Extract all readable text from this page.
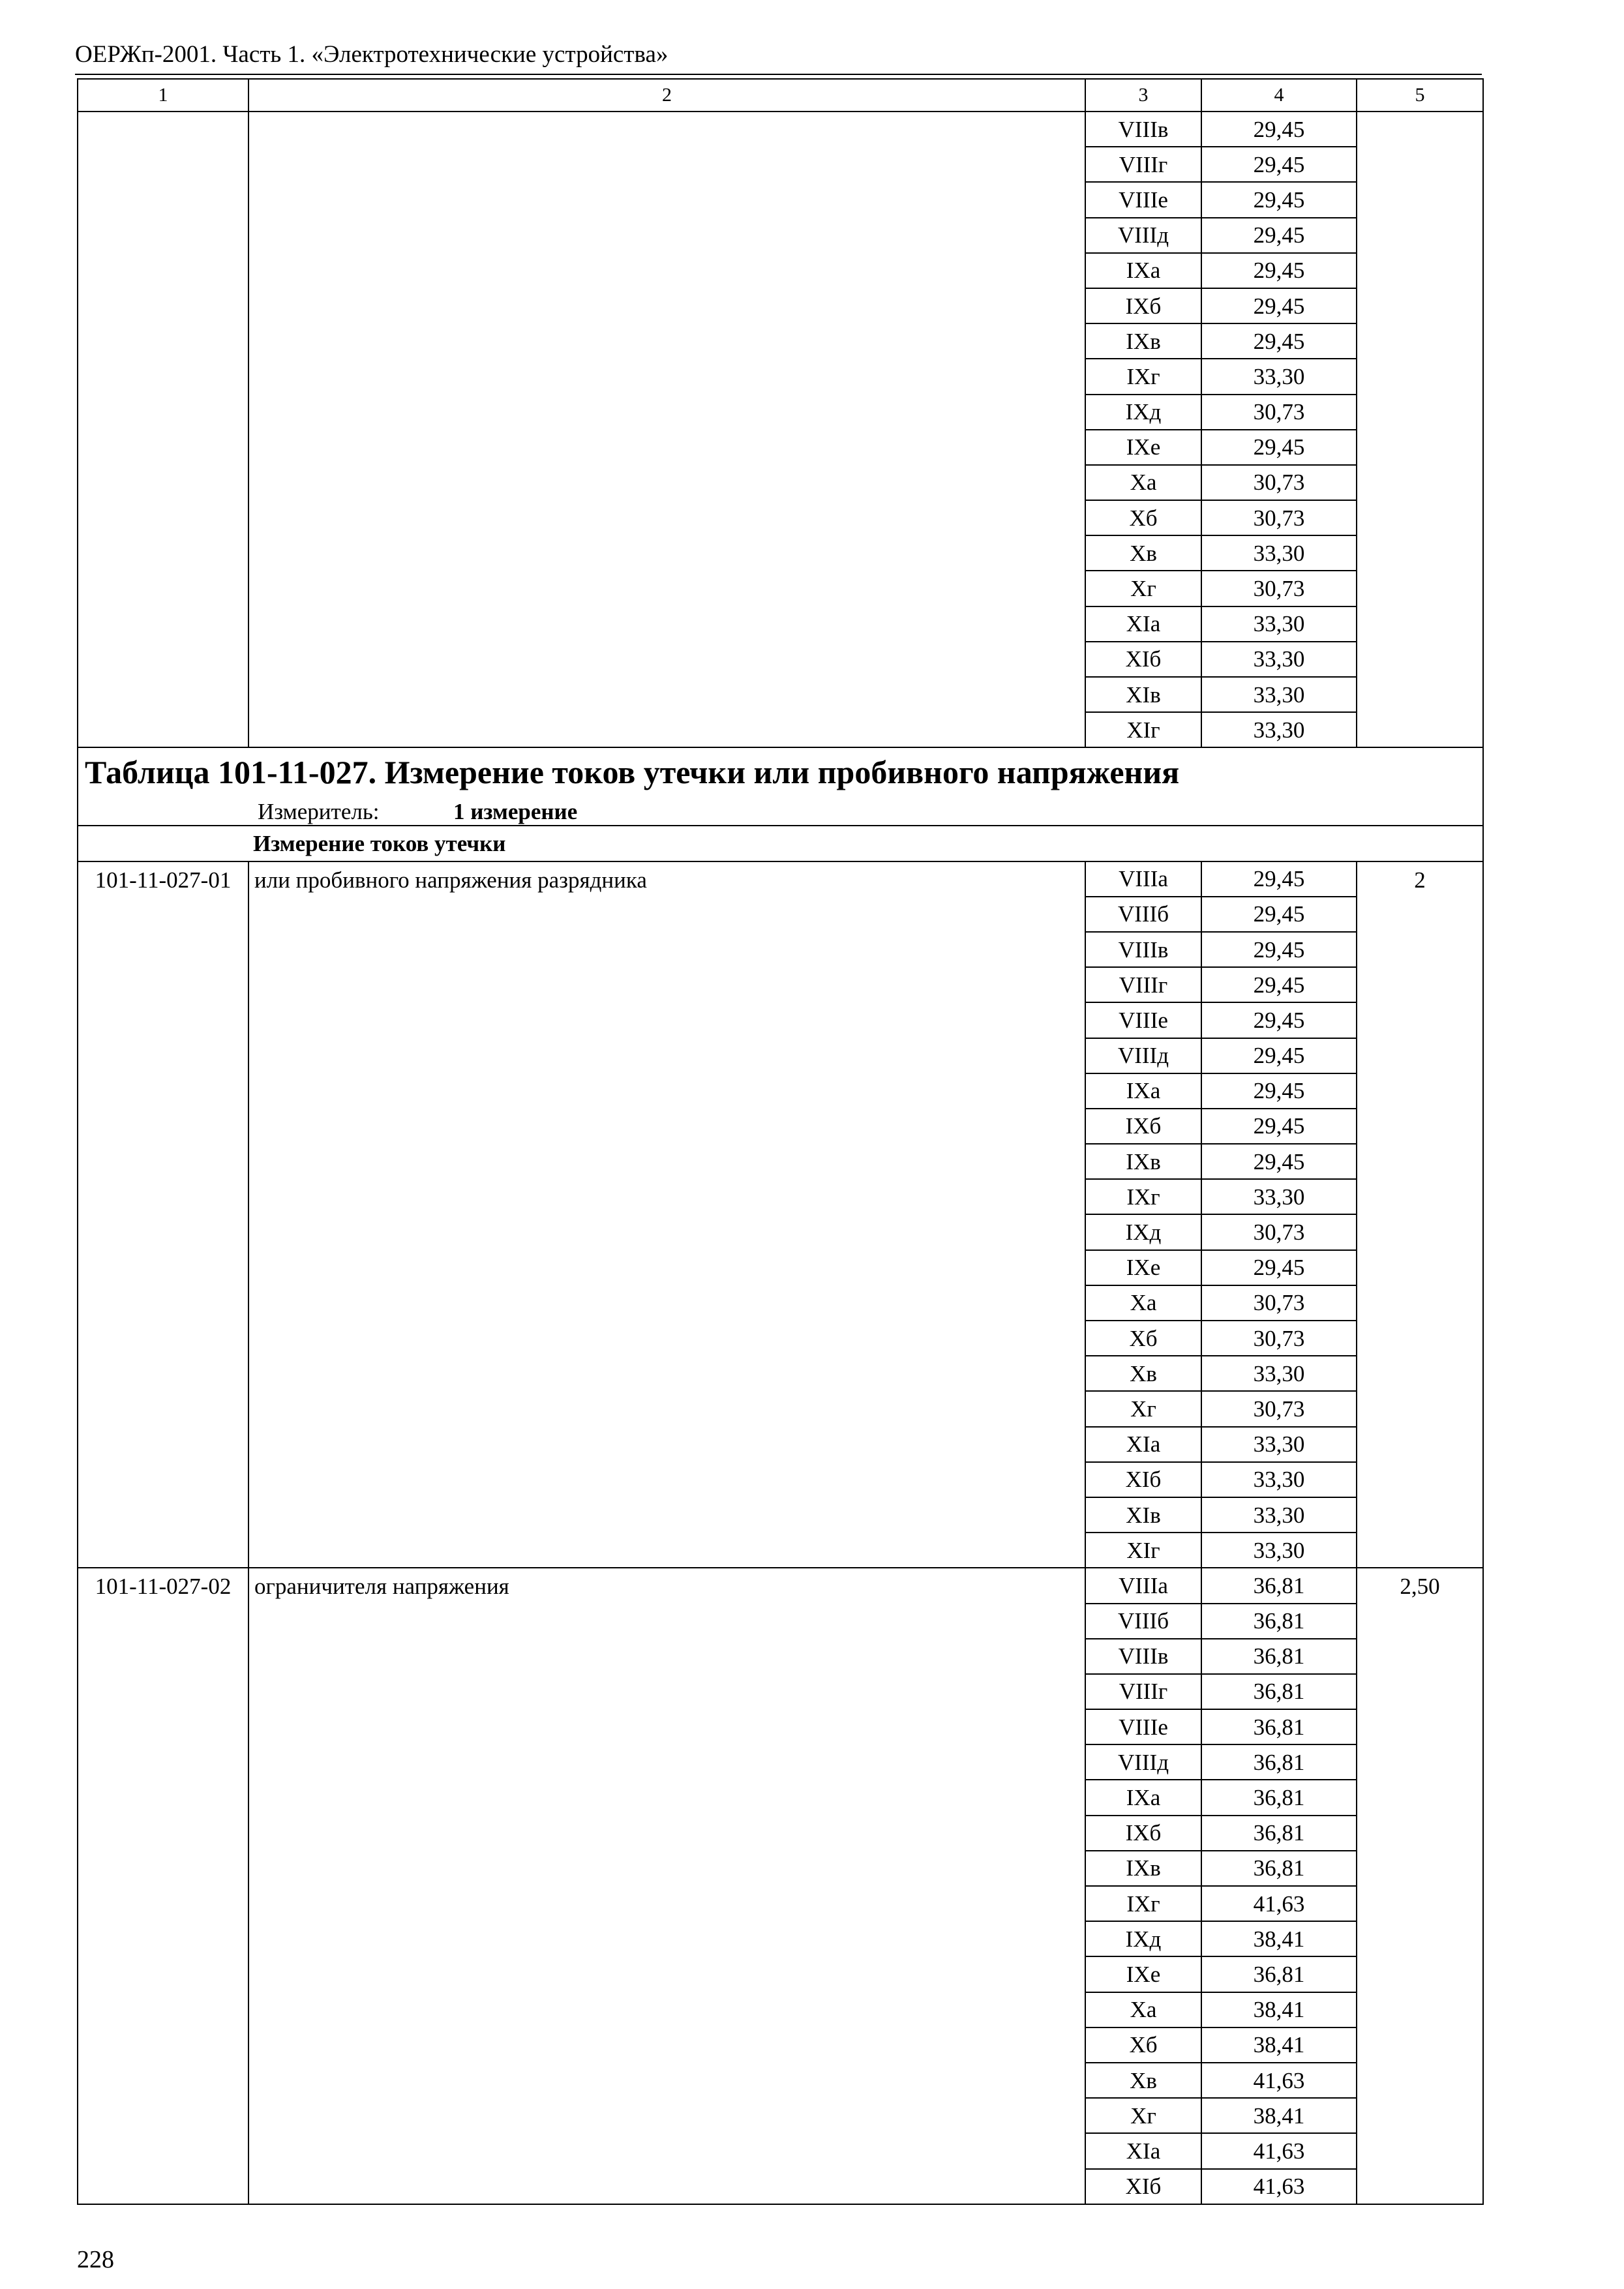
ОЕРЖп-2001. Часть 1. «Электротехнические устройства»
1	2	3	4	5
		VIIIв	29,45	
		VIIIг	29,45	
		VIIIе	29,45	
		VIIIд	29,45	
		IXа	29,45	
		IXб	29,45	
		IXв	29,45	
		IXг	33,30	
		IXд	30,73	
		IXе	29,45	
		Xа	30,73	
		Xб	30,73	
		Xв	33,30	
		Xг	30,73	
		XIа	33,30	
		XIб	33,30	
		XIв	33,30	
		XIг	33,30	

Таблица 101-11-027. Измерение токов утечки или пробивного напряжения
Измеритель: 1 измерение				

Измерение токов утечки				
101-11-027-01	или пробивного напряжения разрядника	VIIIа	29,45	2
		VIIIб	29,45	
		VIIIв	29,45	
		VIIIг	29,45	
		VIIIе	29,45	
		VIIIд	29,45	
		IXа	29,45	
		IXб	29,45	
		IXв	29,45	
		IXг	33,30	
		IXд	30,73	
		IXе	29,45	
		Xа	30,73	
		Xб	30,73	
		Xв	33,30	
		Xг	30,73	
		XIа	33,30	
		XIб	33,30	
		XIв	33,30	
		XIг	33,30	
101-11-027-02	ограничителя напряжения	VIIIа	36,81	2,50
		VIIIб	36,81	
		VIIIв	36,81	
		VIIIг	36,81	
		VIIIе	36,81	
		VIIIд	36,81	
		IXа	36,81	
		IXб	36,81	
		IXв	36,81	
		IXг	41,63	
		IXд	38,41	
		IXе	36,81	
		Xа	38,41	
		Xб	38,41	
		Xв	41,63	
		Xг	38,41	
		XIа	41,63	
		XIб	41,63	
228
